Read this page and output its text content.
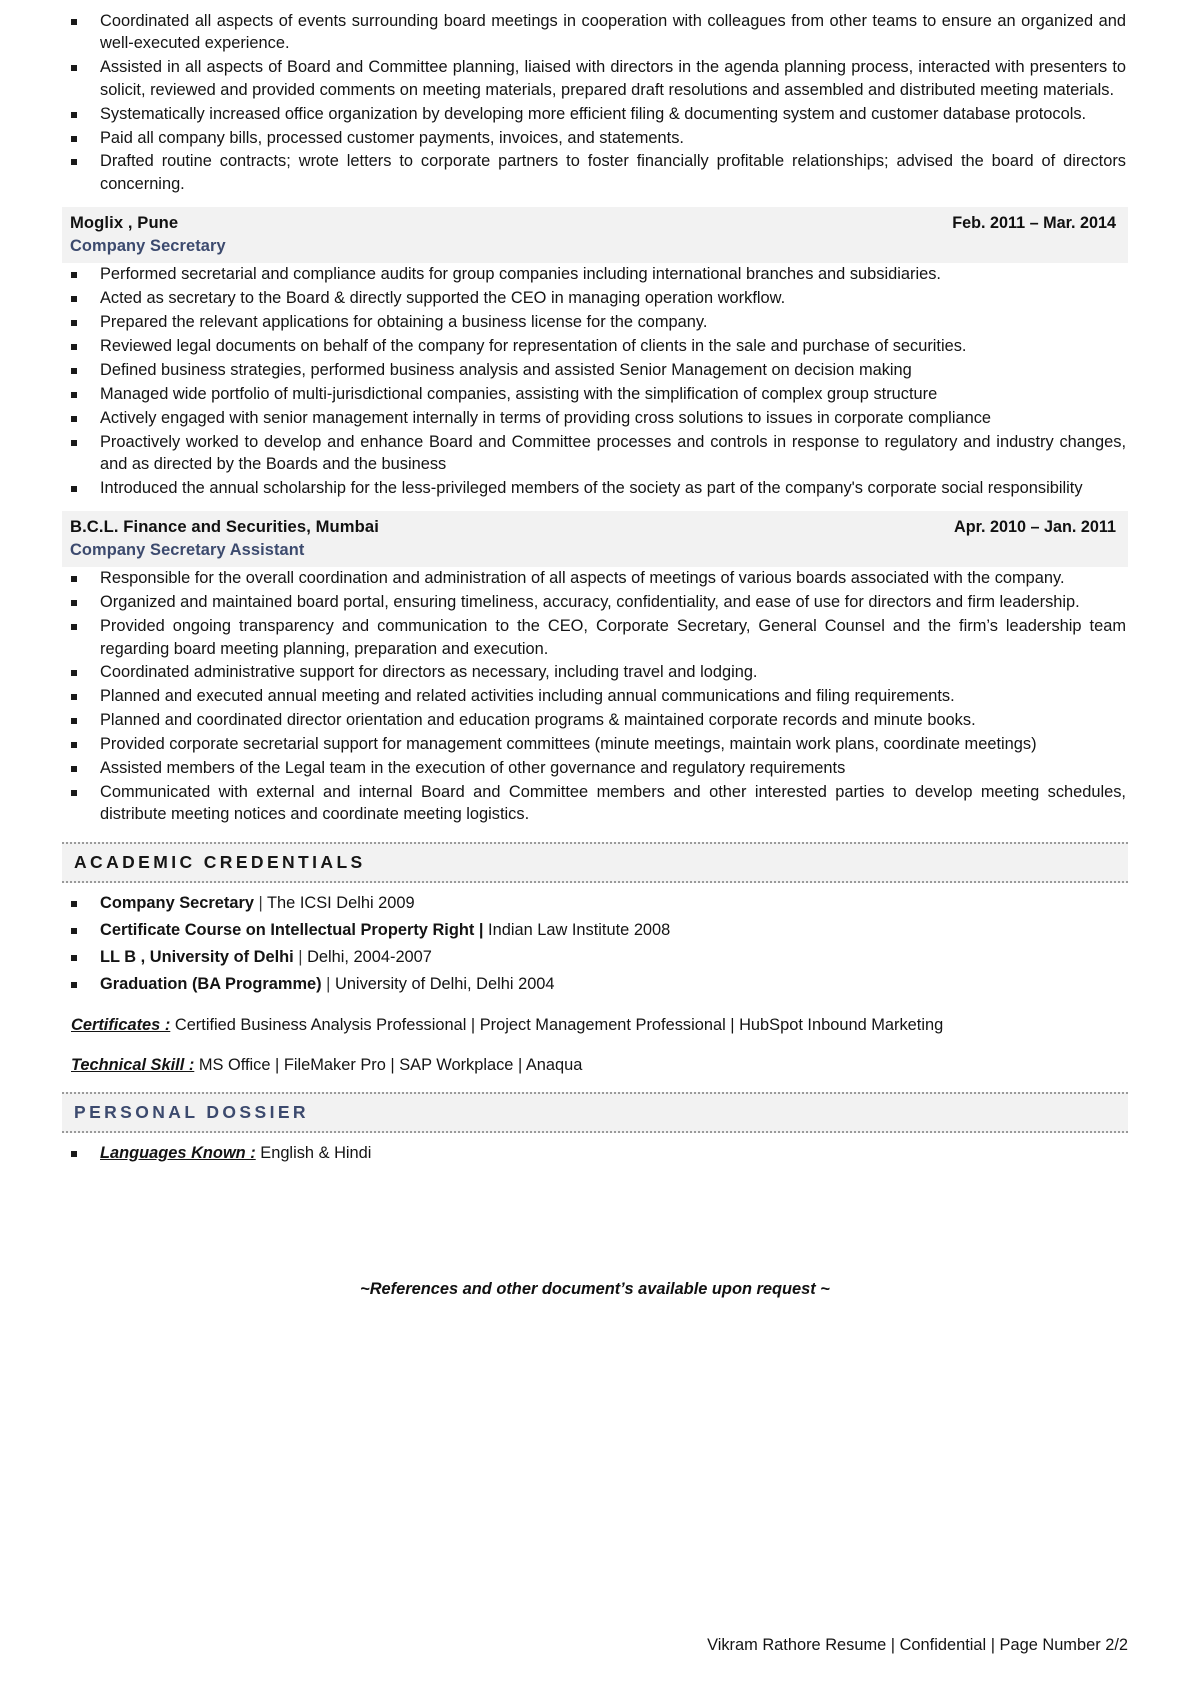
Coordinated all aspects of events surrounding board meetings in cooperation with colleagues from other teams to ensure an organized and well-executed experience.
Assisted in all aspects of Board and Committee planning, liaised with directors in the agenda planning process, interacted with presenters to solicit, reviewed and provided comments on meeting materials, prepared draft resolutions and assembled and distributed meeting materials.
Systematically increased office organization by developing more efficient filing & documenting system and customer database protocols.
Paid all company bills, processed customer payments, invoices, and statements.
Drafted routine contracts; wrote letters to corporate partners to foster financially profitable relationships; advised the board of directors concerning.
Moglix , Pune	Feb. 2011 – Mar. 2014
Company Secretary
Performed secretarial and compliance audits for group companies including international branches and subsidiaries.
Acted as secretary to the Board & directly supported the CEO in managing operation workflow.
Prepared the relevant applications for obtaining a business license for the company.
Reviewed legal documents on behalf of the company for representation of clients in the sale and purchase of securities.
Defined business strategies, performed business analysis and assisted Senior Management on decision making
Managed wide portfolio of multi-jurisdictional companies, assisting with the simplification of complex group structure
Actively engaged with senior management internally in terms of providing cross solutions to issues in corporate compliance
Proactively worked to develop and enhance Board and Committee processes and controls in response to regulatory and industry changes, and as directed by the Boards and the business
Introduced the annual scholarship for the less-privileged members of the society as part of the company's corporate social responsibility
B.C.L. Finance and Securities, Mumbai	Apr. 2010 – Jan. 2011
Company Secretary Assistant
Responsible for the overall coordination and administration of all aspects of meetings of various boards associated with the company.
Organized and maintained board portal, ensuring timeliness, accuracy, confidentiality, and ease of use for directors and firm leadership.
Provided ongoing transparency and communication to the CEO, Corporate Secretary, General Counsel and the firm’s leadership team regarding board meeting planning, preparation and execution.
Coordinated administrative support for directors as necessary, including travel and lodging.
Planned and executed annual meeting and related activities including annual communications and filing requirements.
Planned and coordinated director orientation and education programs & maintained corporate records and minute books.
Provided corporate secretarial support for management committees (minute meetings, maintain work plans, coordinate meetings)
Assisted members of the Legal team in the execution of other governance and regulatory requirements
Communicated with external and internal Board and Committee members and other interested parties to develop meeting schedules, distribute meeting notices and coordinate meeting logistics.
ACADEMIC CREDENTIALS
Company Secretary | The ICSI Delhi 2009
Certificate Course on Intellectual Property Right | Indian Law Institute 2008
LL B , University of Delhi | Delhi, 2004-2007
Graduation (BA Programme) | University of Delhi, Delhi 2004
Certificates : Certified Business Analysis Professional | Project Management Professional | HubSpot Inbound Marketing
Technical Skill : MS Office | FileMaker Pro | SAP Workplace | Anaqua
PERSONAL DOSSIER
Languages Known : English & Hindi
~References and other document’s available upon request ~
Vikram Rathore Resume | Confidential | Page Number 2/2
